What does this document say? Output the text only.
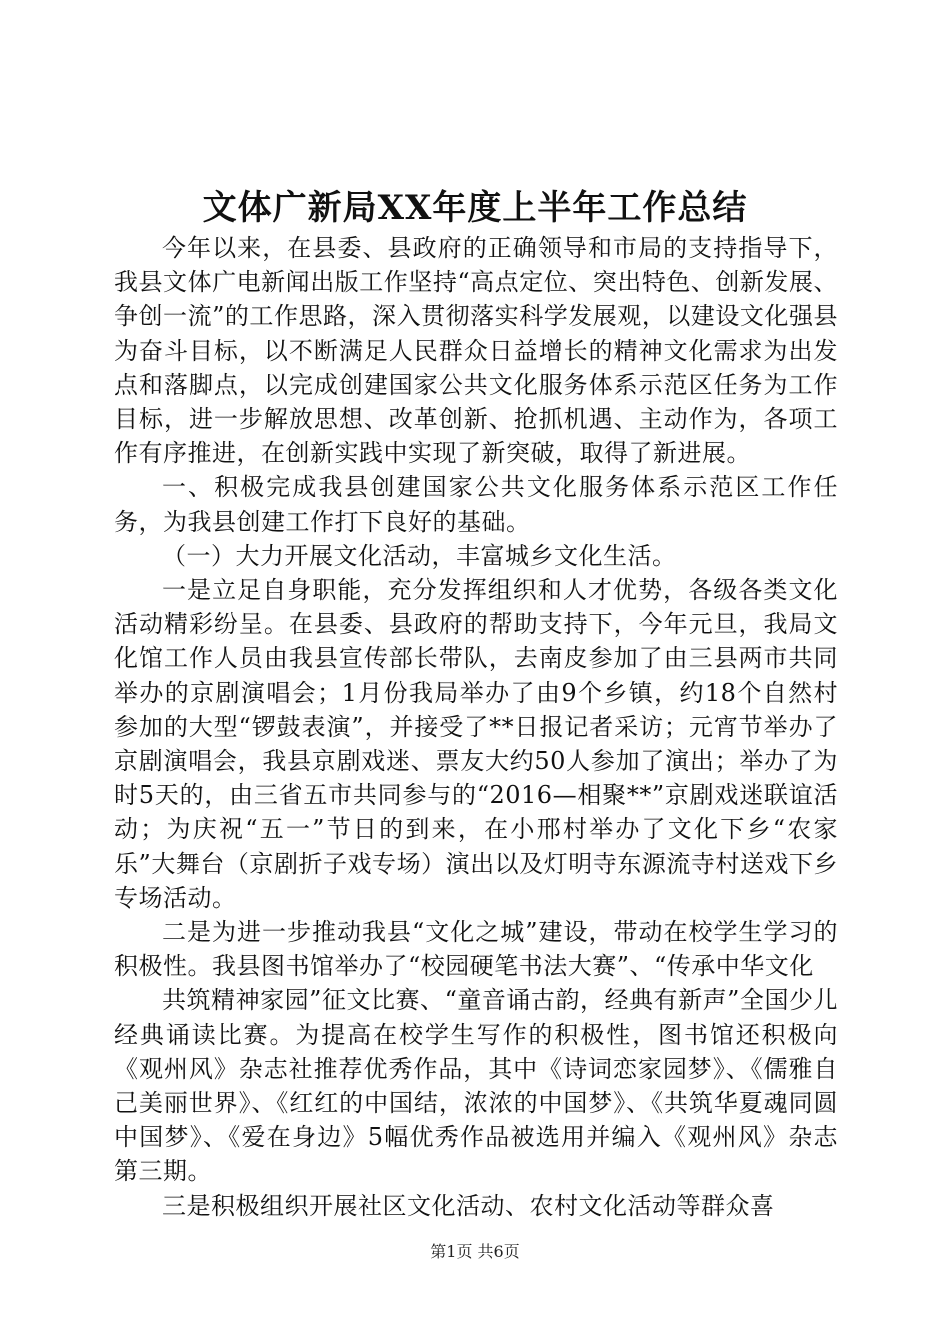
文体广新局XX年度上半年工作总结

今年以来，在县委、县政府的正确领导和市局的支持指导下，我县文体广电新闻出版工作坚持“高点定位、突出特色、创新发展、争创一流”的工作思路，深入贯彻落实科学发展观，以建设文化强县为奋斗目标，以不断满足人民群众日益增长的精神文化需求为出发点和落脚点，以完成创建国家公共文化服务体系示范区任务为工作目标，进一步解放思想、改革创新、抢抓机遇、主动作为，各项工作有序推进，在创新实践中实现了新突破，取得了新进展。

一、积极完成我县创建国家公共文化服务体系示范区工作任务，为我县创建工作打下良好的基础。

（一）大力开展文化活动，丰富城乡文化生活。

一是立足自身职能，充分发挥组织和人才优势，各级各类文化活动精彩纷呈。在县委、县政府的帮助支持下，今年元旦，我局文化馆工作人员由我县宣传部长带队，去南皮参加了由三县两市共同举办的京剧演唱会；1月份我局举办了由9个乡镇，约18个自然村参加的大型“锣鼓表演”，并接受了**日报记者采访；元宵节举办了京剧演唱会，我县京剧戏迷、票友大约50人参加了演出；举办了为时5天的，由三省五市共同参与的“2016—相聚**”京剧戏迷联谊活动；为庆祝“五一”节日的到来，在小邢村举办了文化下乡“农家乐”大舞台（京剧折子戏专场）演出以及灯明寺东源流寺村送戏下乡专场活动。

二是为进一步推动我县“文化之城”建设，带动在校学生学习的积极性。我县图书馆举办了“校园硬笔书法大赛”、“传承中华文化

共筑精神家园”征文比赛、“童音诵古韵，经典有新声”全国少儿经典诵读比赛。为提高在校学生写作的积极性，图书馆还积极向《观州风》杂志社推荐优秀作品，其中《诗词恋家园梦》、《儒雅自己美丽世界》、《红红的中国结，浓浓的中国梦》、《共筑华夏魂同圆中国梦》、《爱在身边》5幅优秀作品被选用并编入《观州风》杂志第三期。

三是积极组织开展社区文化活动、农村文化活动等群众喜

第1页 共6页
